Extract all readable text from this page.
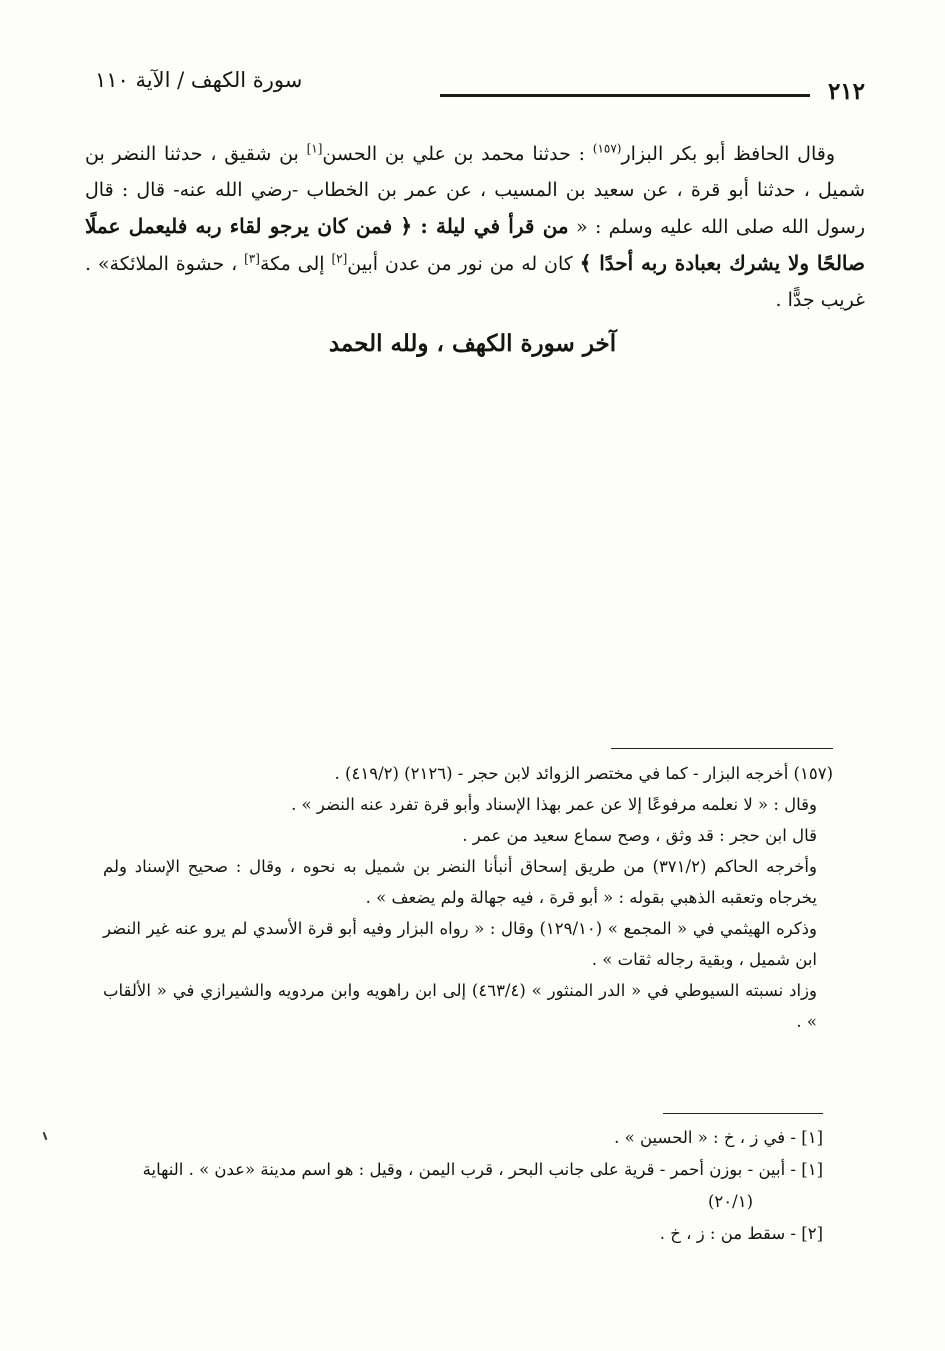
٢١٢
سورة الكهف / الآية ١١٠

وقال الحافظ أبو بكر البزار$^{(١٥٧)}$ : حدثنا محمد بن علي بن الحسن[١] بن شقيق ، حدثنا النضر بن شميل ، حدثنا أبو قرة ، عن سعيد بن المسيب ، عن عمر بن الخطاب -رضي الله عنه- قال : قال رسول الله صلى الله عليه وسلم : « من قرأ في ليلة : ﴿ فمن كان يرجو لقاء ربه فليعمل عملًا صالحًا ولا يشرك بعبادة ربه أحدًا ﴾ كان له من نور من عدن أبين[٢] إلى مكة[٣] ، حشوة الملائكة» . غريب جدًّا .

آخر سورة الكهف ، ولله الحمد

(١٥٧) أخرجه البزار - كما في مختصر الزوائد لابن حجر - (٢١٢٦) (٤١٩/٢) .

وقال : « لا نعلمه مرفوعًا إلا عن عمر بهذا الإسناد وأبو قرة تفرد عنه النضر » .

قال ابن حجر : قد وثق ، وصح سماع سعيد من عمر .

وأخرجه الحاكم (٣٧١/٢) من طريق إسحاق أنبأنا النضر بن شميل به نحوه ، وقال : صحيح الإسناد ولم يخرجاه وتعقبه الذهبي بقوله : « أبو قرة ، فيه جهالة ولم يضعف » .

وذكره الهيثمي في « المجمع » (١٢٩/١٠) وقال : « رواه البزار وفيه أبو قرة الأسدي لم يرو عنه غير النضر ابن شميل ، وبقية رجاله ثقات » .

وزاد نسبته السيوطي في « الدر المنثور » (٤٦٣/٤) إلى ابن راهويه وابن مردويه والشيرازي في « الألقاب » .

[١] - في ز ، خ : « الحسين » .

[١] - أبين - بوزن أحمر - قرية على جانب البحر ، قرب اليمن ، وقيل : هو اسم مدينة «عدن » . النهاية

(٢٠/١)

[٢] - سقط من : ز ، خ .
